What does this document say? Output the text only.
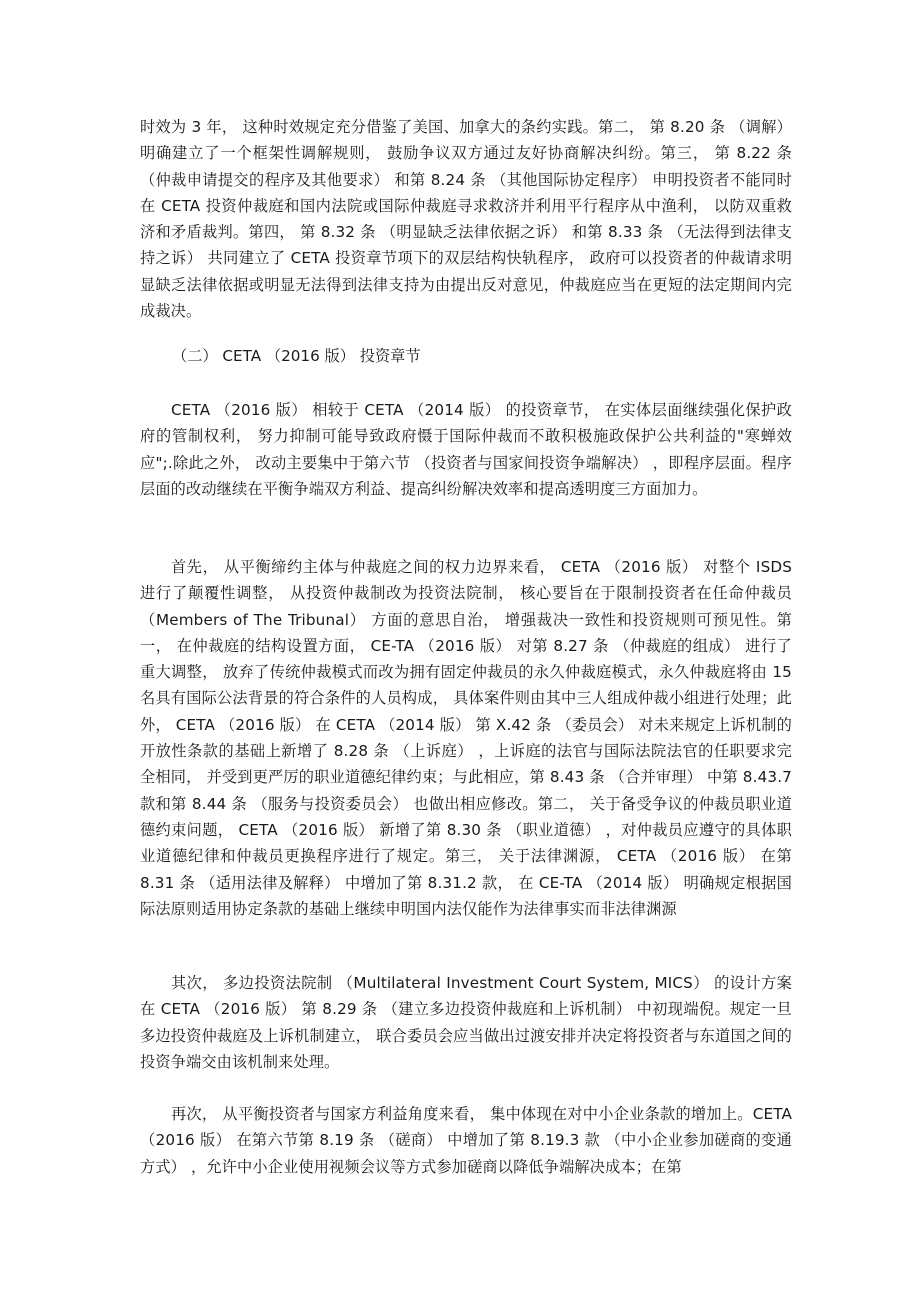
时效为 3 年， 这种时效规定充分借鉴了美国、加拿大的条约实践。第二， 第 8.20 条 （调解） 明确建立了一个框架性调解规则， 鼓励争议双方通过友好协商解决纠纷。第三， 第 8.22 条 （仲裁申请提交的程序及其他要求） 和第 8.24 条 （其他国际协定程序） 申明投资者不能同时在 CETA 投资仲裁庭和国内法院或国际仲裁庭寻求救济并利用平行程序从中渔利， 以防双重救济和矛盾裁判。第四， 第 8.32 条 （明显缺乏法律依据之诉） 和第 8.33 条 （无法得到法律支持之诉） 共同建立了 CETA 投资章节项下的双层结构快轨程序， 政府可以投资者的仲裁请求明显缺乏法律依据或明显无法得到法律支持为由提出反对意见，仲裁庭应当在更短的法定期间内完成裁决。

（二） CETA （2016 版） 投资章节

CETA （2016 版） 相较于 CETA （2014 版） 的投资章节， 在实体层面继续强化保护政府的管制权利， 努力抑制可能导致政府慑于国际仲裁而不敢积极施政保护公共利益的"寒蝉效应";.除此之外， 改动主要集中于第六节 （投资者与国家间投资争端解决） ，即程序层面。程序层面的改动继续在平衡争端双方利益、提高纠纷解决效率和提高透明度三方面加力。

首先， 从平衡缔约主体与仲裁庭之间的权力边界来看， CETA （2016 版） 对整个 ISDS 进行了颠覆性调整， 从投资仲裁制改为投资法院制， 核心要旨在于限制投资者在任命仲裁员 （Members of The Tribunal） 方面的意思自治， 增强裁决一致性和投资规则可预见性。第一， 在仲裁庭的结构设置方面， CE-TA （2016 版） 对第 8.27 条 （仲裁庭的组成） 进行了重大调整， 放弃了传统仲裁模式而改为拥有固定仲裁员的永久仲裁庭模式，永久仲裁庭将由 15 名具有国际公法背景的符合条件的人员构成， 具体案件则由其中三人组成仲裁小组进行处理；此外， CETA （2016 版） 在 CETA （2014 版） 第 X.42 条 （委员会） 对未来规定上诉机制的开放性条款的基础上新增了 8.28 条 （上诉庭） ，上诉庭的法官与国际法院法官的任职要求完全相同， 并受到更严厉的职业道德纪律约束；与此相应，第 8.43 条 （合并审理） 中第 8.43.7 款和第 8.44 条 （服务与投资委员会） 也做出相应修改。第二， 关于备受争议的仲裁员职业道德约束问题， CETA （2016 版） 新增了第 8.30 条 （职业道德） ，对仲裁员应遵守的具体职业道德纪律和仲裁员更换程序进行了规定。第三， 关于法律渊源， CETA （2016 版） 在第 8.31 条 （适用法律及解释） 中增加了第 8.31.2 款， 在 CE-TA （2014 版） 明确规定根据国际法原则适用协定条款的基础上继续申明国内法仅能作为法律事实而非法律渊源

其次， 多边投资法院制 （Multilateral Investment Court System, MICS） 的设计方案在 CETA （2016 版） 第 8.29 条 （建立多边投资仲裁庭和上诉机制） 中初现端倪。规定一旦多边投资仲裁庭及上诉机制建立， 联合委员会应当做出过渡安排并决定将投资者与东道国之间的投资争端交由该机制来处理。

再次， 从平衡投资者与国家方利益角度来看， 集中体现在对中小企业条款的增加上。CETA （2016 版） 在第六节第 8.19 条 （磋商） 中增加了第 8.19.3 款 （中小企业参加磋商的变通方式） ，允许中小企业使用视频会议等方式参加磋商以降低争端解决成本；在第
